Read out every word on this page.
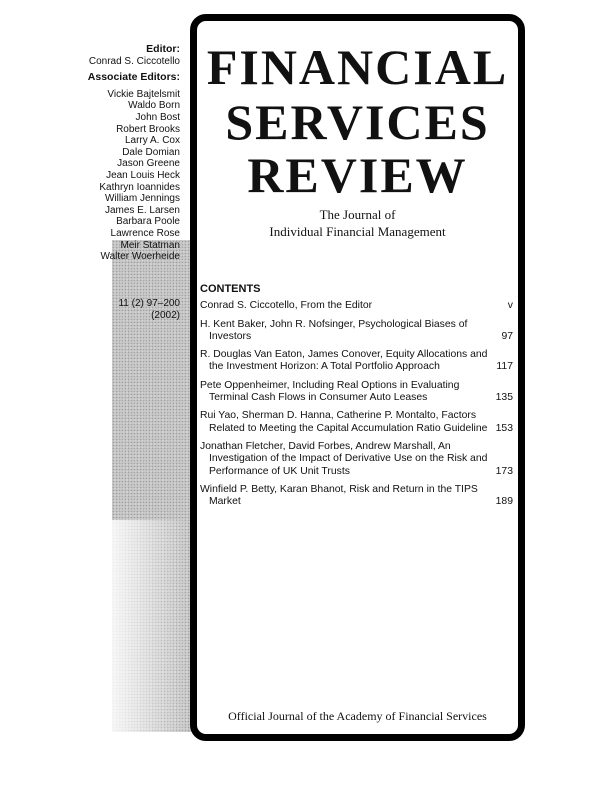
Editor:
Conrad S. Ciccotello
Associate Editors:
Vickie Bajtelsmit
Waldo Born
John Bost
Robert Brooks
Larry A. Cox
Dale Domian
Jason Greene
Jean Louis Heck
Kathryn Ioannides
William Jennings
James E. Larsen
Barbara Poole
Lawrence Rose
Meir Statman
Walter Woerheide
11 (2) 97–200
(2002)
FINANCIAL
SERVICES
REVIEW
The Journal of
Individual Financial Management
CONTENTS
Conrad S. Ciccotello, From the Editor	v
H. Kent Baker, John R. Nofsinger, Psychological Biases of Investors	97
R. Douglas Van Eaton, James Conover, Equity Allocations and the Investment Horizon: A Total Portfolio Approach	117
Pete Oppenheimer, Including Real Options in Evaluating Terminal Cash Flows in Consumer Auto Leases	135
Rui Yao, Sherman D. Hanna, Catherine P. Montalto, Factors Related to Meeting the Capital Accumulation Ratio Guideline 153
Jonathan Fletcher, David Forbes, Andrew Marshall, An Investigation of the Impact of Derivative Use on the Risk and Performance of UK Unit Trusts	173
Winfield P. Betty, Karan Bhanot, Risk and Return in the TIPS Market	189
Official Journal of the Academy of Financial Services
